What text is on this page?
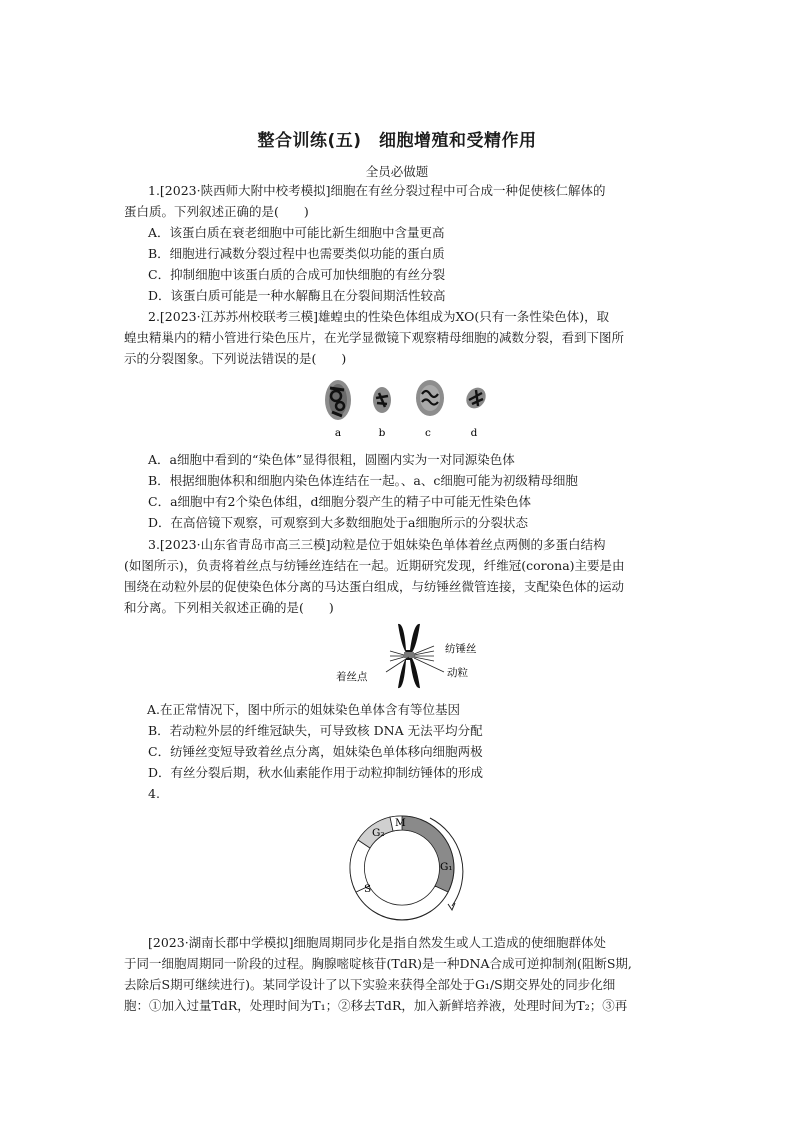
整合训练(五)　细胞增殖和受精作用
全员必做题
1.[2023·陕西师大附中校考模拟]细胞在有丝分裂过程中可合成一种促使核仁解体的
蛋白质。下列叙述正确的是(　　)
A．该蛋白质在衰老细胞中可能比新生细胞中含量更高
B．细胞进行减数分裂过程中也需要类似功能的蛋白质
C．抑制细胞中该蛋白质的合成可加快细胞的有丝分裂
D．该蛋白质可能是一种水解酶且在分裂间期活性较高
2.[2023·江苏苏州校联考三模]雄蝗虫的性染色体组成为XO(只有一条性染色体)，取
蝗虫精巢内的精小管进行染色压片，在光学显微镜下观察精母细胞的减数分裂，看到下图所
示的分裂图象。下列说法错误的是(　　)
a	b	c	d
A．a细胞中看到的“染色体”显得很粗，圆圈内实为一对同源染色体
B．根据细胞体积和细胞内染色体连结在一起。、a、c细胞可能为初级精母细胞
C．a细胞中有2个染色体组，d细胞分裂产生的精子中可能无性染色体
D．在高倍镜下观察，可观察到大多数细胞处于a细胞所示的分裂状态
3.[2023·山东省青岛市高三三模]动粒是位于姐妹染色单体着丝点两侧的多蛋白结构
(如图所示)，负责将着丝点与纺锤丝连结在一起。近期研究发现，纤维冠(corona)主要是由
围绕在动粒外层的促使染色体分离的马达蛋白组成，与纺锤丝微管连接，支配染色体的运动
和分离。下列相关叙述正确的是(　　)
纺锤丝
动粒
着丝点
A.在正常情况下，图中所示的姐妹染色单体含有等位基因
B．若动粒外层的纤维冠缺失，可导致核 DNA 无法平均分配
C．纺锤丝变短导致着丝点分离，姐妹染色单体移向细胞两极
D．有丝分裂后期，秋水仙素能作用于动粒抑制纺锤体的形成
4.
G₂
M
G₁
S
[2023·湖南长郡中学模拟]细胞周期同步化是指自然发生或人工造成的使细胞群体处
于同一细胞周期同一阶段的过程。胸腺嘧啶核苷(TdR)是一种DNA合成可逆抑制剂(阻断S期,
去除后S期可继续进行)。某同学设计了以下实验来获得全部处于G₁/S期交界处的同步化细
胞：①加入过量TdR，处理时间为T₁；②移去TdR，加入新鲜培养液，处理时间为T₂；③再
